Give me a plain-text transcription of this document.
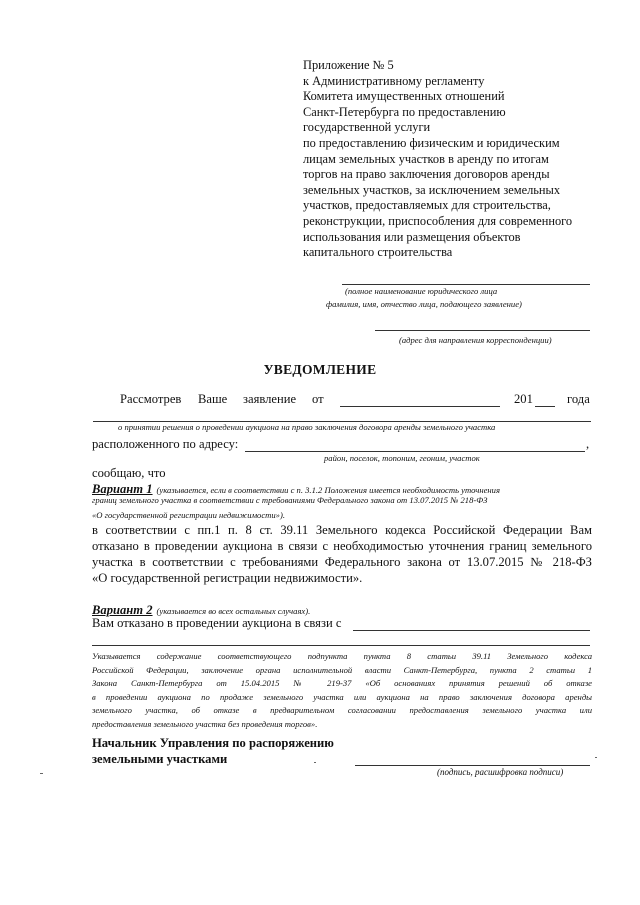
Приложение № 5
к Административному регламенту
Комитета имущественных отношений
Санкт-Петербурга по предоставлению
государственной услуги
по предоставлению физическим и юридическим
лицам земельных участков в аренду по итогам
торгов на право заключения договоров аренды
земельных участков, за исключением земельных
участков, предоставляемых для строительства,
реконструкции, приспособления для современного
использования или размещения объектов
капитального строительства
(полное наименование юридического лица
фамилия, имя, отчество лица, подающего заявление)
(адрес для направления корреспонденции)
УВЕДОМЛЕНИЕ
Рассмотрев Ваше заявление от	201	года
о принятии решения о проведении аукциона на право заключения договора аренды земельного участка
расположенного по адресу:	,
район, поселок, топоним, геоним, участок
сообщаю, что
Вариант 1 (указывается, если в соответствии с п. 3.1.2 Положения имеется необходимость уточнения
границ земельного участка в соответствии с требованиями Федерального закона от 13.07.2015 № 218-ФЗ
«О государственной регистрации недвижимости»).
в соответствии с пп.1 п. 8 ст. 39.11 Земельного кодекса Российской Федерации Вам
отказано в проведении аукциона в связи с необходимостью уточнения границ земельного
участка в соответствии с требованиями Федерального закона от 13.07.2015 № 218-ФЗ
«О государственной регистрации недвижимости».
Вариант 2 (указывается во всех остальных случаях).
Вам отказано в проведении аукциона в связи с
Указывается содержание соответствующего подпункта пункта 8 статьи 39.11 Земельного кодекса
Российской Федерации, заключение органа исполнительной власти Санкт-Петербурга, пункта 2 статьи 1
Закона Санкт-Петербурга от 15.04.2015 № 219-37 «Об основаниях принятия решений об отказе
в проведении аукциона по продаже земельного участка или аукциона на право заключения договора аренды
земельного участка, об отказе в предварительном согласовании предоставления земельного участка или
предоставления земельного участка без проведения торгов».
Начальник Управления по распоряжению
земельными участками
(подпись, расшифровка подписи)
